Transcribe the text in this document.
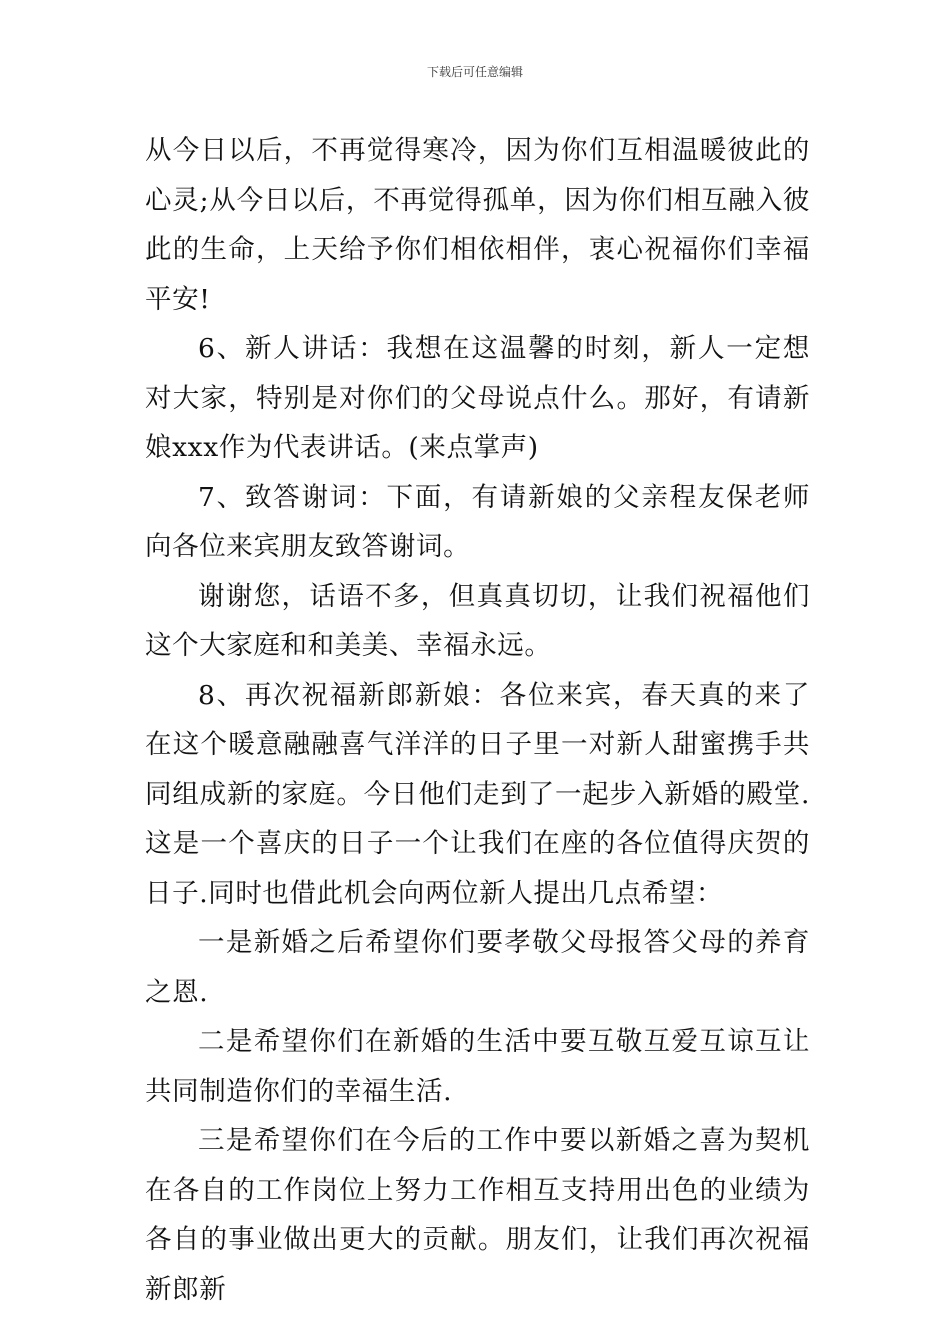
下载后可任意编辑

从今日以后，不再觉得寒冷，因为你们互相温暖彼此的心灵;从今日以后，不再觉得孤单，因为你们相互融入彼此的生命，上天给予你们相依相伴，衷心祝福你们幸福平安!

6、新人讲话：我想在这温馨的时刻，新人一定想对大家，特别是对你们的父母说点什么。那好，有请新娘xxx作为代表讲话。(来点掌声)

7、致答谢词：下面，有请新娘的父亲程友保老师向各位来宾朋友致答谢词。

谢谢您，话语不多，但真真切切，让我们祝福他们这个大家庭和和美美、幸福永远。

8、再次祝福新郎新娘：各位来宾，春天真的来了在这个暖意融融喜气洋洋的日子里一对新人甜蜜携手共同组成新的家庭。今日他们走到了一起步入新婚的殿堂.这是一个喜庆的日子一个让我们在座的各位值得庆贺的日子.同时也借此机会向两位新人提出几点希望：

一是新婚之后希望你们要孝敬父母报答父母的养育之恩.

二是希望你们在新婚的生活中要互敬互爱互谅互让共同制造你们的幸福生活.

三是希望你们在今后的工作中要以新婚之喜为契机在各自的工作岗位上努力工作相互支持用出色的业绩为各自的事业做出更大的贡献。朋友们，让我们再次祝福新郎新
